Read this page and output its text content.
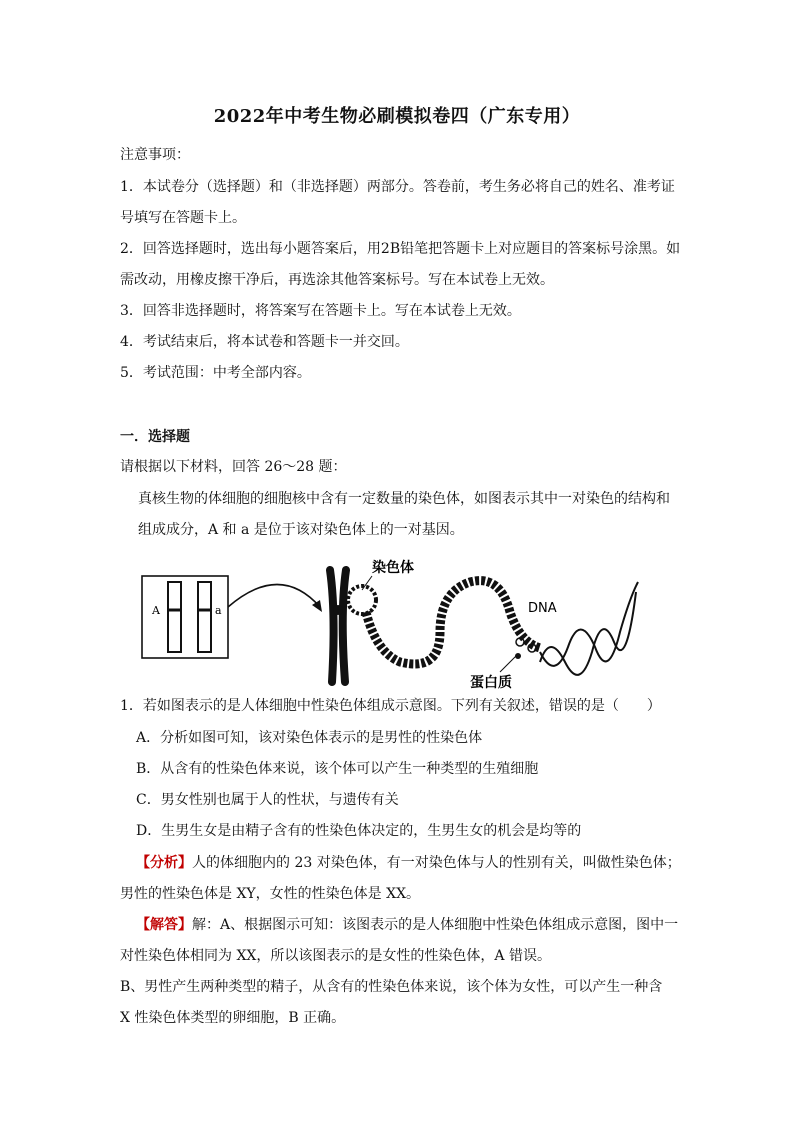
2022年中考生物必刷模拟卷四（广东专用）
注意事项：
1．本试卷分（选择题）和（非选择题）两部分。答卷前，考生务必将自己的姓名、准考证
号填写在答题卡上。
2．回答选择题时，选出每小题答案后，用2B铅笔把答题卡上对应题目的答案标号涂黑。如
需改动，用橡皮擦干净后，再选涂其他答案标号。写在本试卷上无效。
3．回答非选择题时，将答案写在答题卡上。写在本试卷上无效。
4．考试结束后，将本试卷和答题卡一并交回。
5．考试范围：中考全部内容。
一．选择题
请根据以下材料，回答 26～28 题：
真核生物的体细胞的细胞核中含有一定数量的染色体，如图表示其中一对染色的结构和
组成成分，A 和 a 是位于该对染色体上的一对基因。
A	a
染色体
DNA
蛋白质
1．若如图表示的是人体细胞中性染色体组成示意图。下列有关叙述，错误的是（　　）
A．分析如图可知，该对染色体表示的是男性的性染色体
B．从含有的性染色体来说，该个体可以产生一种类型的生殖细胞
C．男女性别也属于人的性状，与遗传有关
D．生男生女是由精子含有的性染色体决定的，生男生女的机会是均等的
【分析】人的体细胞内的 23 对染色体，有一对染色体与人的性别有关，叫做性染色体；
男性的性染色体是 XY，女性的性染色体是 XX。
【解答】解：A、根据图示可知：该图表示的是人体细胞中性染色体组成示意图，图中一
对性染色体相同为 XX，所以该图表示的是女性的性染色体，A 错误。
B、男性产生两种类型的精子，从含有的性染色体来说，该个体为女性，可以产生一种含
X 性染色体类型的卵细胞，B 正确。
